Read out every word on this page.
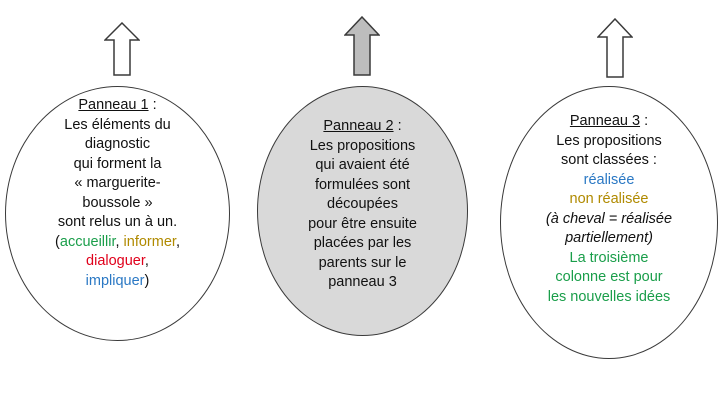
Panneau 1 :
Les éléments du
diagnostic
qui forment la
« marguerite-
boussole »
sont relus un à un.
(accueillir, informer,
dialoguer,
impliquer)
Panneau 2 :
Les propositions
qui avaient été
formulées sont
découpées
pour être ensuite
placées par les
parents sur le
panneau 3
Panneau 3 :
Les propositions
sont classées :
réalisée
non réalisée
(à cheval = réalisée
partiellement)
La troisième
colonne est pour
les nouvelles idées
